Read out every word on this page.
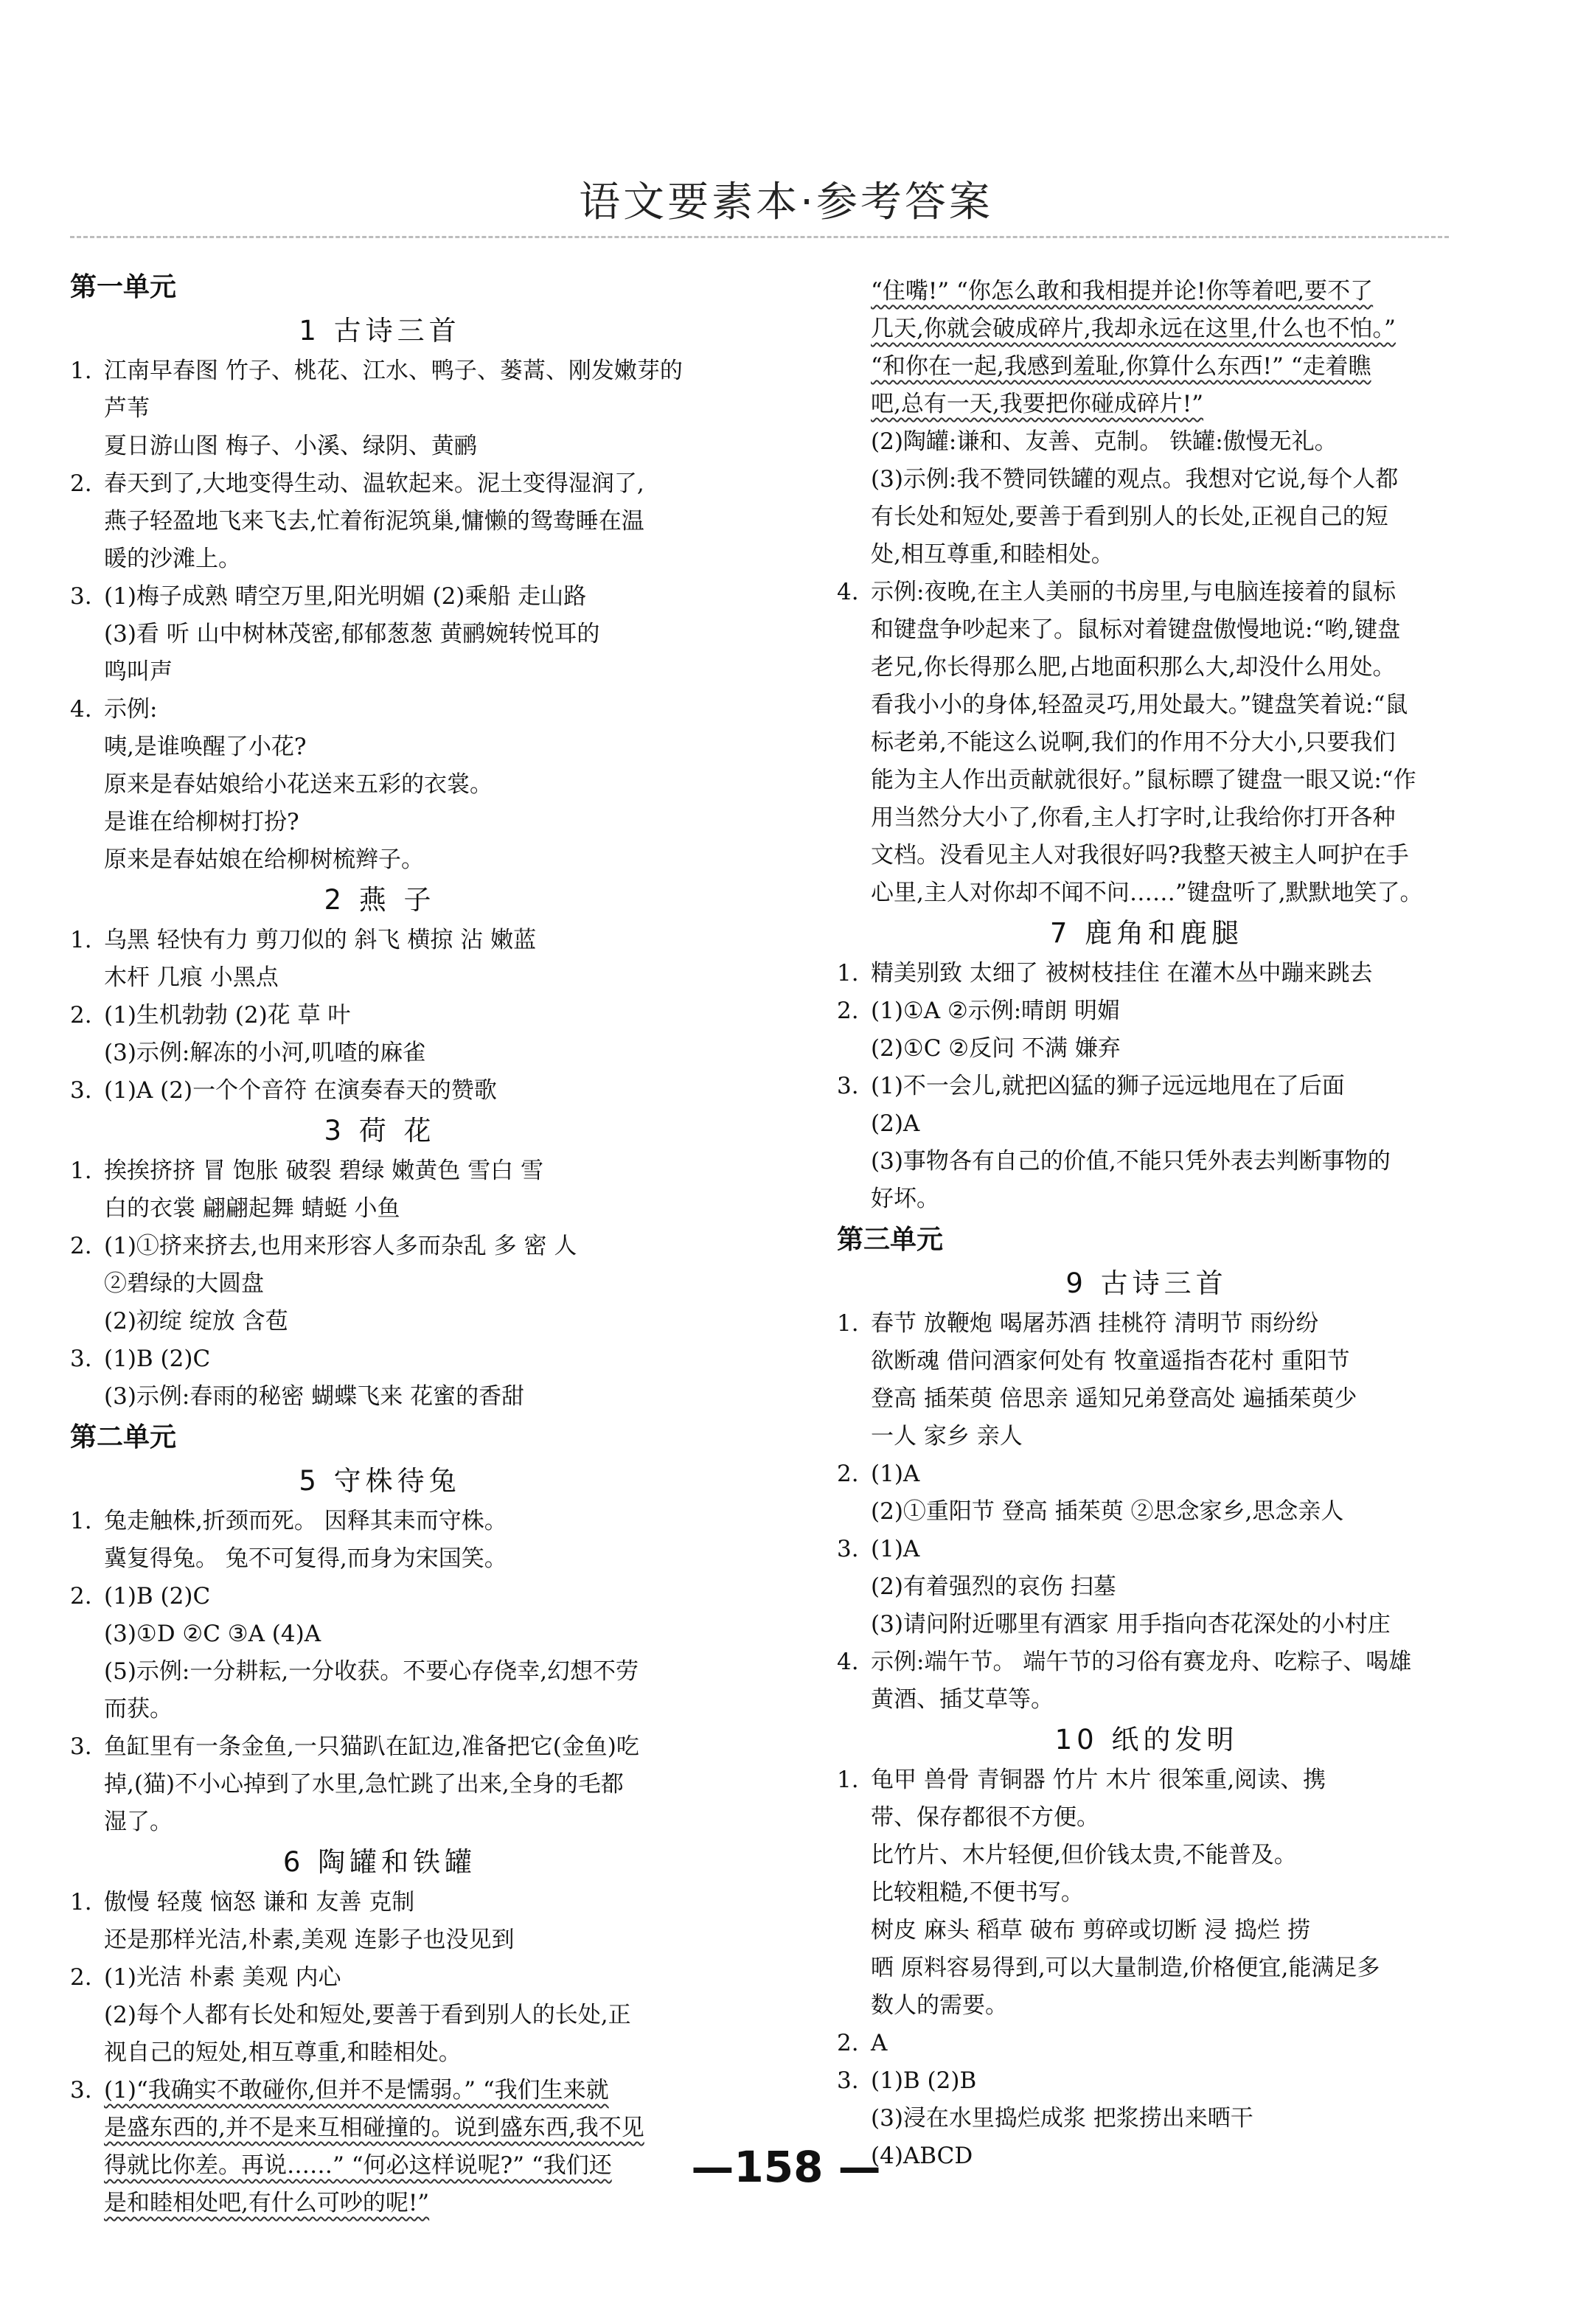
语文要素本·参考答案
第一单元
1 古诗三首
1. 江南早春图 竹子、桃花、江水、鸭子、蒌蒿、刚发嫩芽的芦苇
夏日游山图 梅子、小溪、绿阴、黄鹂
2. 春天到了,大地变得生动、温软起来。泥土变得湿润了,
燕子轻盈地飞来飞去,忙着衔泥筑巢,慵懒的鸳鸯睡在温
暖的沙滩上。
3. (1)梅子成熟 晴空万里,阳光明媚 (2)乘船 走山路
(3)看 听 山中树林茂密,郁郁葱葱 黄鹂婉转悦耳的
鸣叫声
4. 示例:
咦,是谁唤醒了小花?
原来是春姑娘给小花送来五彩的衣裳。
是谁在给柳树打扮?
原来是春姑娘在给柳树梳辫子。
2 燕 子
1. 乌黑 轻快有力 剪刀似的 斜飞 横掠 沾 嫩蓝
木杆 几痕 小黑点
2. (1)生机勃勃 (2)花 草 叶
(3)示例:解冻的小河,叽喳的麻雀
3. (1)A (2)一个个音符 在演奏春天的赞歌
3 荷 花
1. 挨挨挤挤 冒 饱胀 破裂 碧绿 嫩黄色 雪白 雪
白的衣裳 翩翩起舞 蜻蜓 小鱼
2. (1)①挤来挤去,也用来形容人多而杂乱 多 密 人
②碧绿的大圆盘
(2)初绽 绽放 含苞
3. (1)B (2)C
(3)示例:春雨的秘密 蝴蝶飞来 花蜜的香甜
第二单元
5 守株待兔
1. 兔走触株,折颈而死。 因释其耒而守株。
冀复得兔。 兔不可复得,而身为宋国笑。
2. (1)B (2)C
(3)①D ②C ③A (4)A
(5)示例:一分耕耘,一分收获。不要心存侥幸,幻想不劳
而获。
3. 鱼缸里有一条金鱼,一只猫趴在缸边,准备把它(金鱼)吃
掉,(猫)不小心掉到了水里,急忙跳了出来,全身的毛都
湿了。
6 陶罐和铁罐
1. 傲慢 轻蔑 恼怒 谦和 友善 克制
还是那样光洁,朴素,美观 连影子也没见到
2. (1)光洁 朴素 美观 内心
(2)每个人都有长处和短处,要善于看到别人的长处,正
视自己的短处,相互尊重,和睦相处。
3. (1)“我确实不敢碰你,但并不是懦弱。” “我们生来就
是盛东西的,并不是来互相碰撞的。说到盛东西,我不见
得就比你差。再说……” “何必这样说呢?” “我们还
是和睦相处吧,有什么可吵的呢!”
“住嘴!” “你怎么敢和我相提并论!你等着吧,要不了
几天,你就会破成碎片,我却永远在这里,什么也不怕。”
“和你在一起,我感到羞耻,你算什么东西!” “走着瞧
吧,总有一天,我要把你碰成碎片!”
(2)陶罐:谦和、友善、克制。 铁罐:傲慢无礼。
(3)示例:我不赞同铁罐的观点。我想对它说,每个人都
有长处和短处,要善于看到别人的长处,正视自己的短
处,相互尊重,和睦相处。
4. 示例:夜晚,在主人美丽的书房里,与电脑连接着的鼠标
和键盘争吵起来了。鼠标对着键盘傲慢地说:“哟,键盘
老兄,你长得那么肥,占地面积那么大,却没什么用处。
看我小小的身体,轻盈灵巧,用处最大。”键盘笑着说:“鼠
标老弟,不能这么说啊,我们的作用不分大小,只要我们
能为主人作出贡献就很好。”鼠标瞟了键盘一眼又说:“作
用当然分大小了,你看,主人打字时,让我给你打开各种
文档。没看见主人对我很好吗?我整天被主人呵护在手
心里,主人对你却不闻不问……”键盘听了,默默地笑了。
7 鹿角和鹿腿
1. 精美别致 太细了 被树枝挂住 在灌木丛中蹦来跳去
2. (1)①A ②示例:晴朗 明媚
(2)①C ②反问 不满 嫌弃
3. (1)不一会儿,就把凶猛的狮子远远地甩在了后面
(2)A
(3)事物各有自己的价值,不能只凭外表去判断事物的
好坏。
第三单元
9 古诗三首
1. 春节 放鞭炮 喝屠苏酒 挂桃符 清明节 雨纷纷
欲断魂 借问酒家何处有 牧童遥指杏花村 重阳节
登高 插茱萸 倍思亲 遥知兄弟登高处 遍插茱萸少
一人 家乡 亲人
2. (1)A
(2)①重阳节 登高 插茱萸 ②思念家乡,思念亲人
3. (1)A
(2)有着强烈的哀伤 扫墓
(3)请问附近哪里有酒家 用手指向杏花深处的小村庄
4. 示例:端午节。 端午节的习俗有赛龙舟、吃粽子、喝雄
黄酒、插艾草等。
10 纸的发明
1. 龟甲 兽骨 青铜器 竹片 木片 很笨重,阅读、携
带、保存都很不方便。
比竹片、木片轻便,但价钱太贵,不能普及。
比较粗糙,不便书写。
树皮 麻头 稻草 破布 剪碎或切断 浸 捣烂 捞
晒 原料容易得到,可以大量制造,价格便宜,能满足多
数人的需要。
2. A
3. (1)B (2)B
(3)浸在水里捣烂成浆 把浆捞出来晒干
(4)ABCD
—158 —
